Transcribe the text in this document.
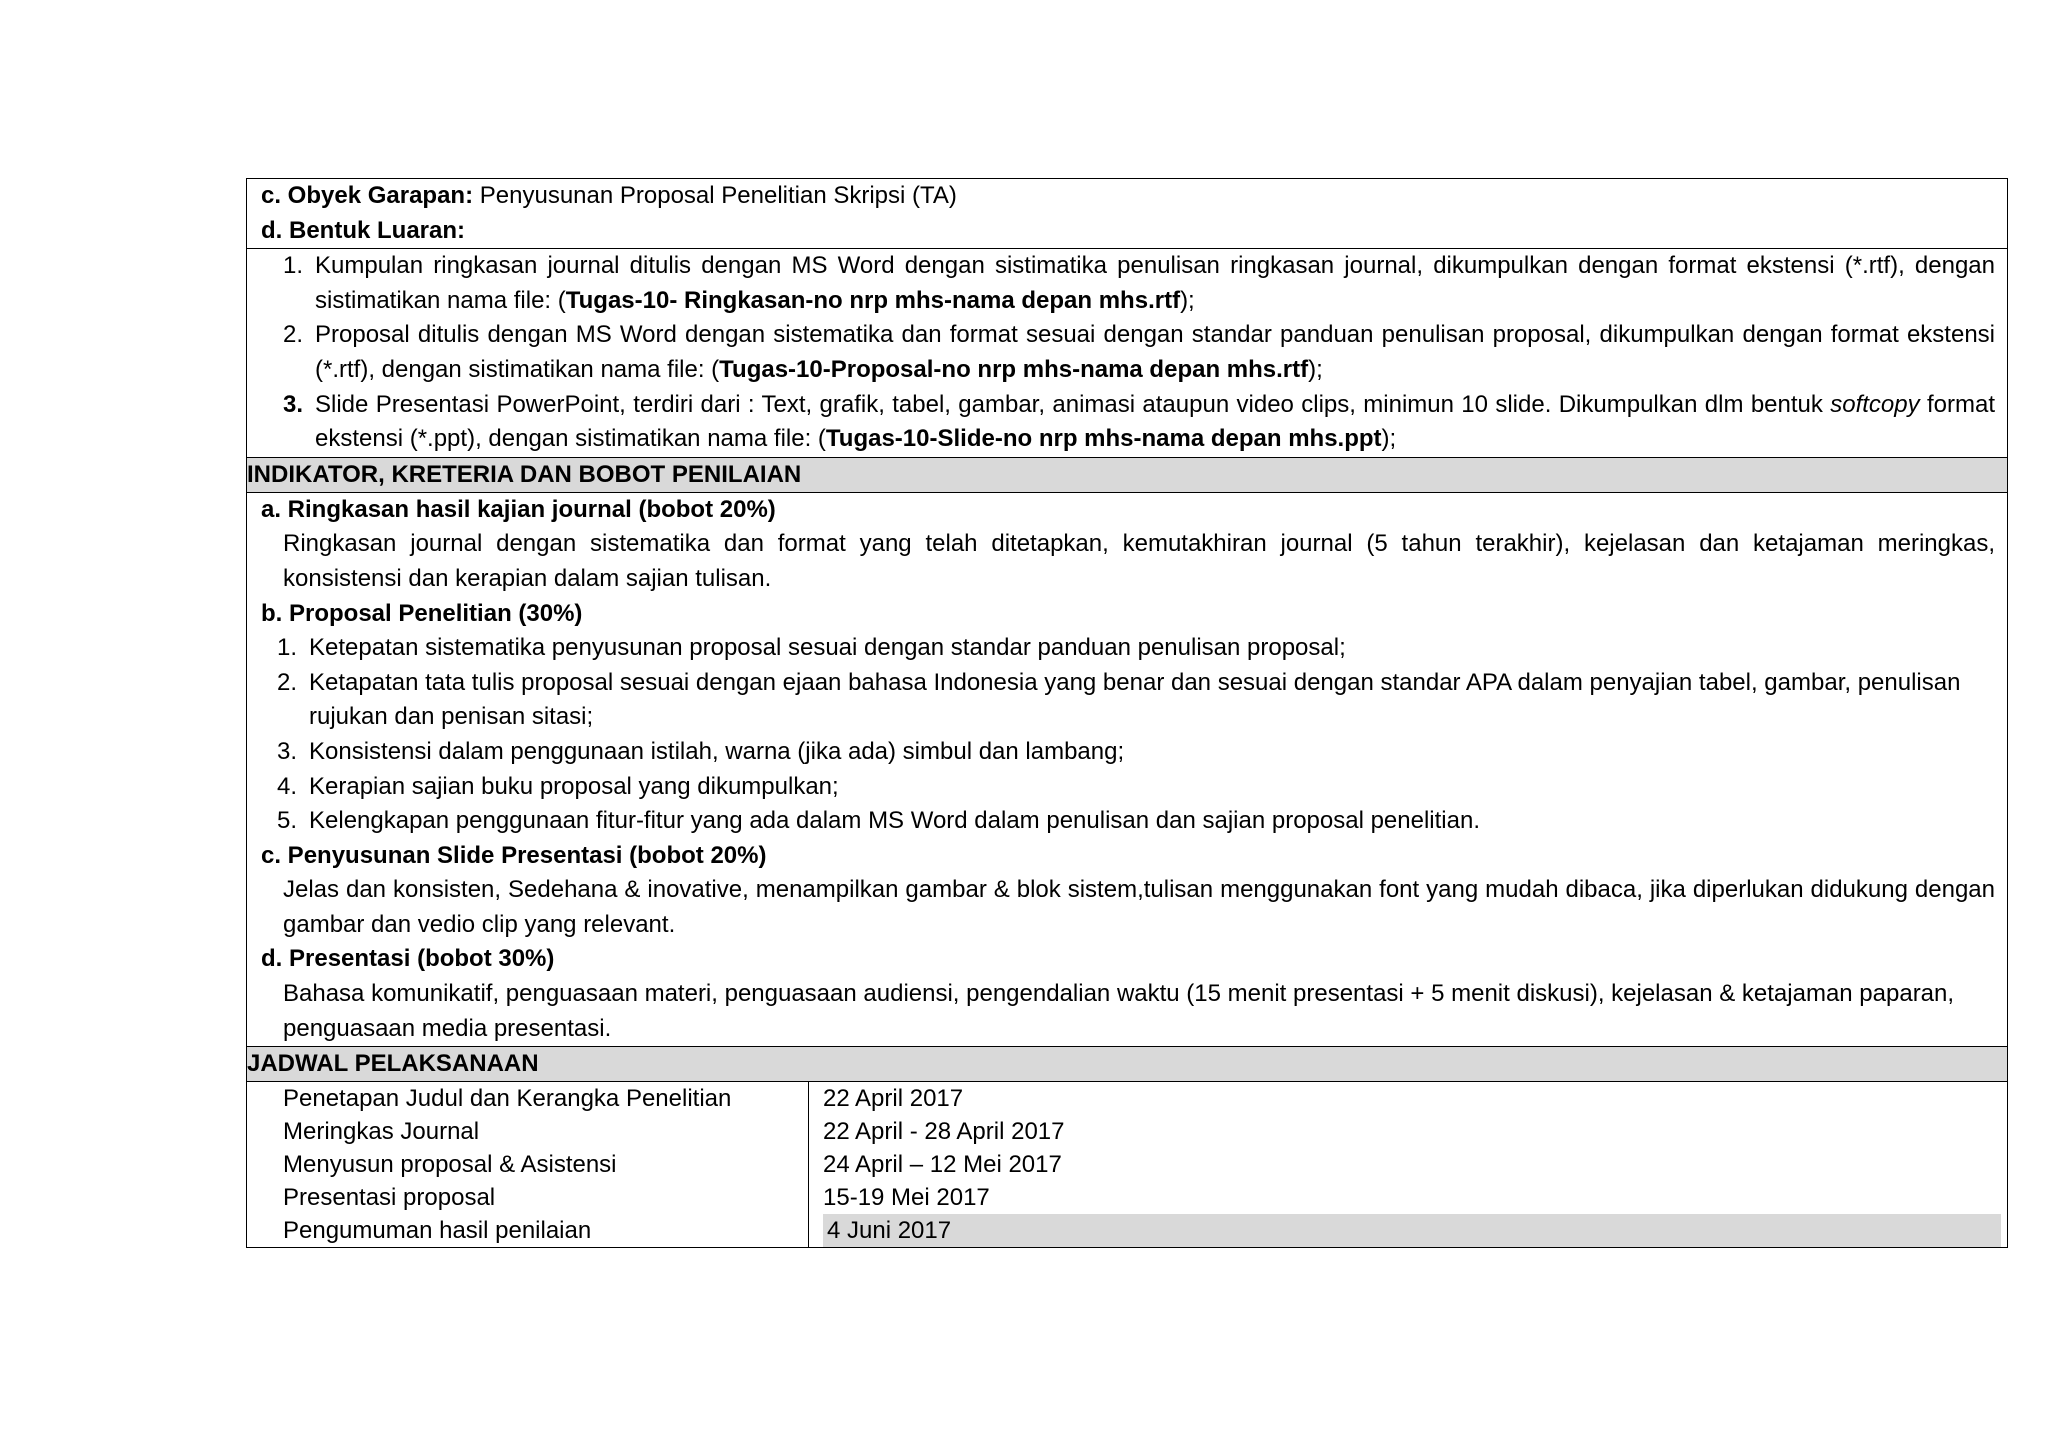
c. Obyek Garapan: Penyusunan Proposal Penelitian Skripsi (TA)
d. Bentuk Luaran:
1. Kumpulan ringkasan journal ditulis dengan MS Word dengan sistimatika penulisan ringkasan journal, dikumpulkan dengan format ekstensi (*.rtf), dengan sistimatikan nama file: (Tugas-10- Ringkasan-no nrp mhs-nama depan mhs.rtf);
2. Proposal ditulis dengan MS Word dengan sistematika dan format sesuai dengan standar panduan penulisan proposal, dikumpulkan dengan format ekstensi (*.rtf), dengan sistimatikan nama file: (Tugas-10-Proposal-no nrp mhs-nama depan mhs.rtf);
3. Slide Presentasi PowerPoint, terdiri dari : Text, grafik, tabel, gambar, animasi ataupun video clips, minimun 10 slide. Dikumpulkan dlm bentuk softcopy format ekstensi (*.ppt), dengan sistimatikan nama file: (Tugas-10-Slide-no nrp mhs-nama depan mhs.ppt);
INDIKATOR, KRETERIA DAN BOBOT PENILAIAN
a. Ringkasan hasil kajian journal (bobot 20%)
Ringkasan journal dengan sistematika dan format yang telah ditetapkan, kemutakhiran journal (5 tahun terakhir), kejelasan dan ketajaman meringkas, konsistensi dan kerapian dalam sajian tulisan.
b. Proposal Penelitian (30%)
1. Ketepatan sistematika penyusunan proposal sesuai dengan standar panduan penulisan proposal;
2. Ketapatan tata tulis proposal sesuai dengan ejaan bahasa Indonesia yang benar dan sesuai dengan standar APA dalam penyajian tabel, gambar, penulisan rujukan dan penisan sitasi;
3. Konsistensi dalam penggunaan istilah, warna (jika ada) simbul dan lambang;
4. Kerapian sajian buku proposal yang dikumpulkan;
5. Kelengkapan penggunaan fitur-fitur yang ada dalam MS Word dalam penulisan dan sajian proposal penelitian.
c. Penyusunan Slide Presentasi (bobot 20%)
Jelas dan konsisten, Sedehana & inovative, menampilkan gambar & blok sistem,tulisan menggunakan font yang mudah dibaca, jika diperlukan didukung dengan gambar dan vedio clip yang relevant.
d. Presentasi (bobot 30%)
Bahasa komunikatif, penguasaan materi, penguasaan audiensi, pengendalian waktu (15 menit presentasi + 5 menit diskusi), kejelasan & ketajaman paparan, penguasaan media presentasi.
JADWAL PELAKSANAAN
Penetapan Judul dan Kerangka Penelitian	22 April 2017
Meringkas Journal	22 April - 28 April 2017
Menyusun proposal & Asistensi	24 April – 12 Mei 2017
Presentasi proposal	15-19 Mei 2017
Pengumuman hasil penilaian	4 Juni 2017
